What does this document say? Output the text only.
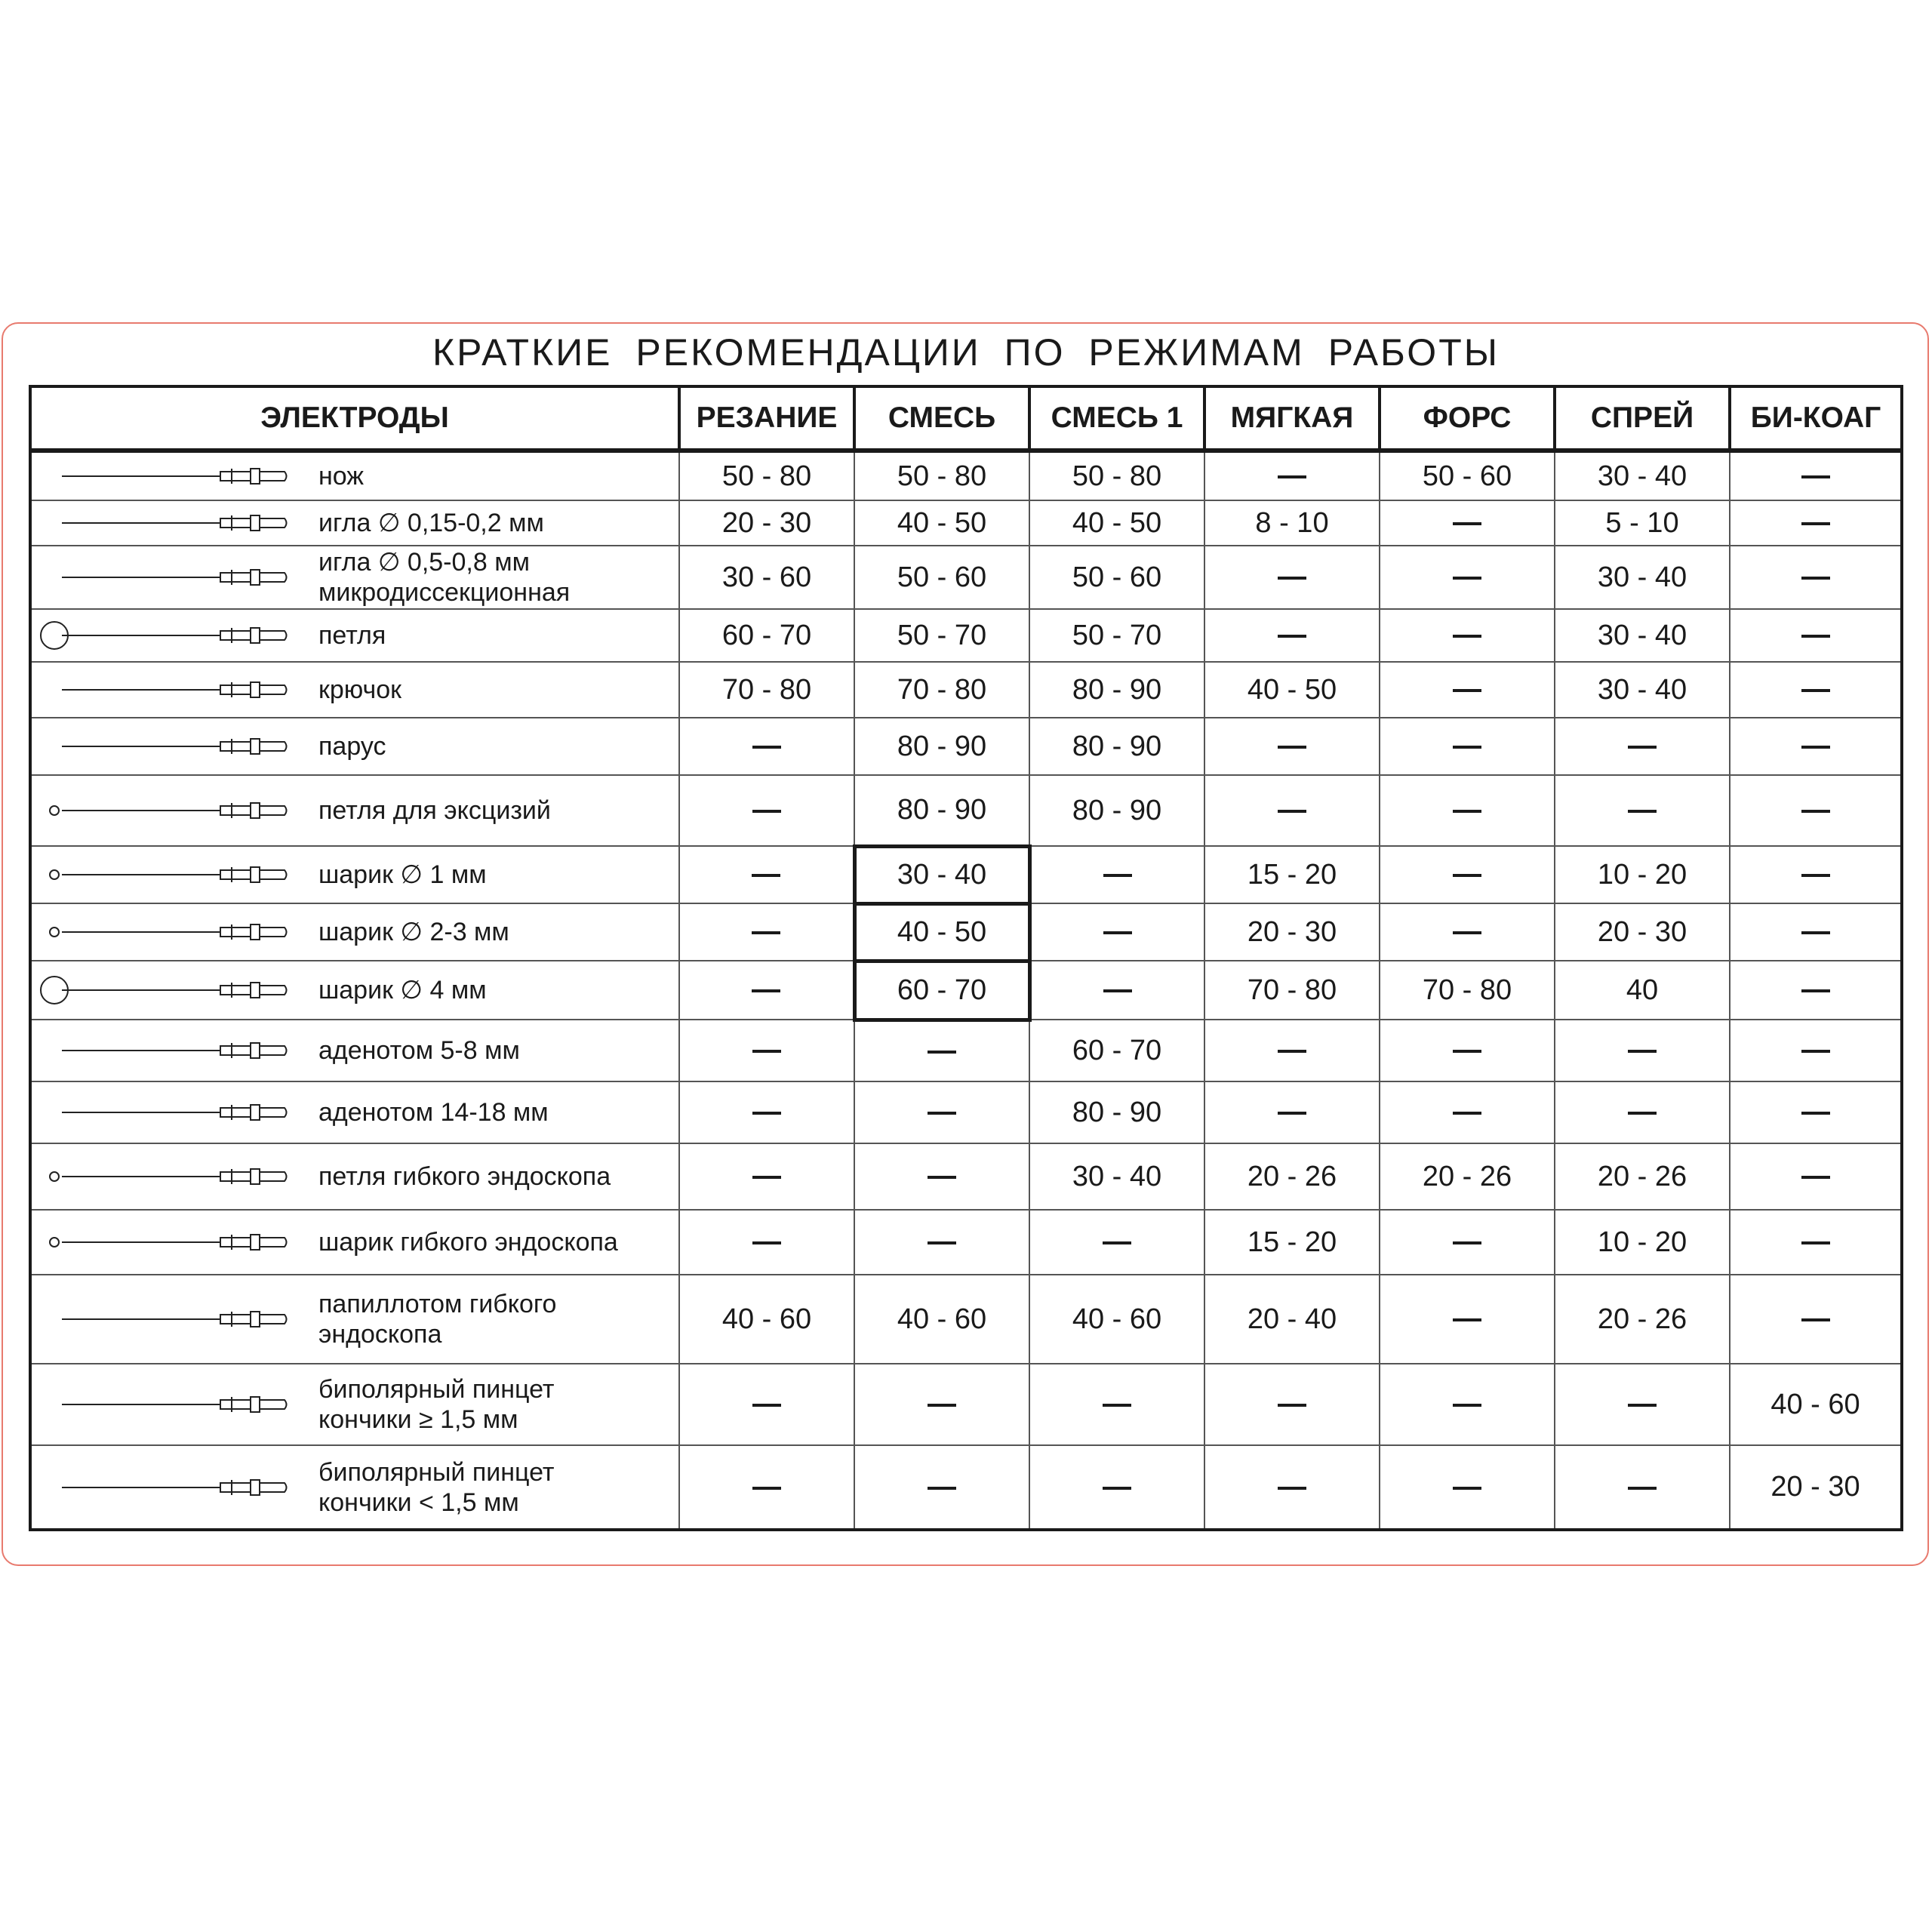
КРАТКИЕ РЕКОМЕНДАЦИИ ПО РЕЖИМАМ РАБОТЫ
ЭЛЕКТРОДЫ	РЕЗАНИЕ	СМЕСЬ	СМЕСЬ 1	МЯГКАЯ	ФОРС	СПРЕЙ	БИ-КОАГ

нож	50 - 80	50 - 80	50 - 80		50 - 60	30 - 40	

игла ∅ 0,15-0,2 мм	20 - 30	40 - 50	40 - 50	8 - 10		5 - 10	

игла ∅ 0,5-0,8 мм
микродиссекционная	30 - 60	50 - 60	50 - 60			30 - 40	

петля	60 - 70	50 - 70	50 - 70			30 - 40	

крючок	70 - 80	70 - 80	80 - 90	40 - 50		30 - 40	

парус		80 - 90	80 - 90				

петля для эксцизий		80 - 90	80 - 90				

шарик ∅ 1 мм		30 - 40		15 - 20		10 - 20	

шарик ∅ 2-3 мм		40 - 50		20 - 30		20 - 30	

шарик ∅ 4 мм		60 - 70		70 - 80	70 - 80	40	

аденотом 5-8 мм			60 - 70				

аденотом 14-18 мм			80 - 90				

петля гибкого эндоскопа			30 - 40	20 - 26	20 - 26	20 - 26	

шарик гибкого эндоскопа				15 - 20		10 - 20	

папиллотом гибкого
эндоскопа	40 - 60	40 - 60	40 - 60	20 - 40		20 - 26	

биполярный пинцет
кончики ≥ 1,5 мм							40 - 60

биполярный пинцет
кончики < 1,5 мм							20 - 30
